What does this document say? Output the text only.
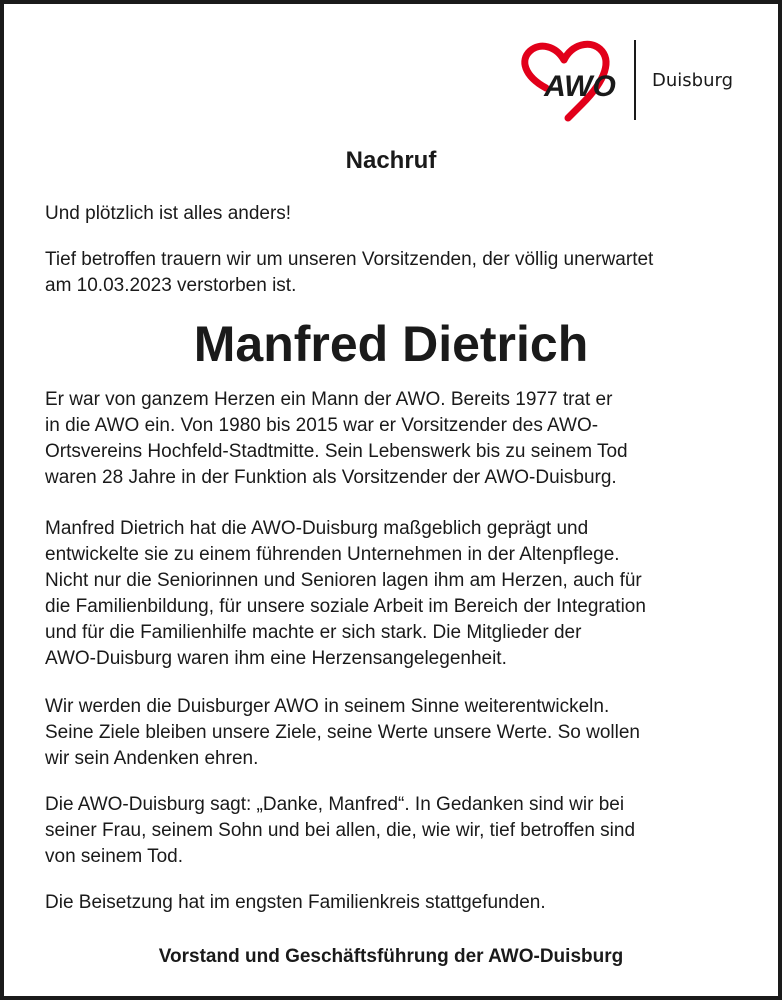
AWO Duisburg
Nachruf

Und plötzlich ist alles anders!

Tief betroffen trauern wir um unseren Vorsitzenden, der völlig unerwartet
am 10.03.2023 verstorben ist.

Manfred Dietrich

Er war von ganzem Herzen ein Mann der AWO. Bereits 1977 trat er
in die AWO ein. Von 1980 bis 2015 war er Vorsitzender des AWO-
Ortsvereins Hochfeld-Stadtmitte. Sein Lebenswerk bis zu seinem Tod
waren 28 Jahre in der Funktion als Vorsitzender der AWO-Duisburg.

Manfred Dietrich hat die AWO-Duisburg maßgeblich geprägt und
entwickelte sie zu einem führenden Unternehmen in der Altenpflege.
Nicht nur die Seniorinnen und Senioren lagen ihm am Herzen, auch für
die Familienbildung, für unsere soziale Arbeit im Bereich der Integration
und für die Familienhilfe machte er sich stark. Die Mitglieder der
AWO-Duisburg waren ihm eine Herzensangelegenheit.

Wir werden die Duisburger AWO in seinem Sinne weiterentwickeln.
Seine Ziele bleiben unsere Ziele, seine Werte unsere Werte. So wollen
wir sein Andenken ehren.

Die AWO-Duisburg sagt: „Danke, Manfred“. In Gedanken sind wir bei
seiner Frau, seinem Sohn und bei allen, die, wie wir, tief betroffen sind
von seinem Tod.

Die Beisetzung hat im engsten Familienkreis stattgefunden.

Vorstand und Geschäftsführung der AWO-Duisburg
